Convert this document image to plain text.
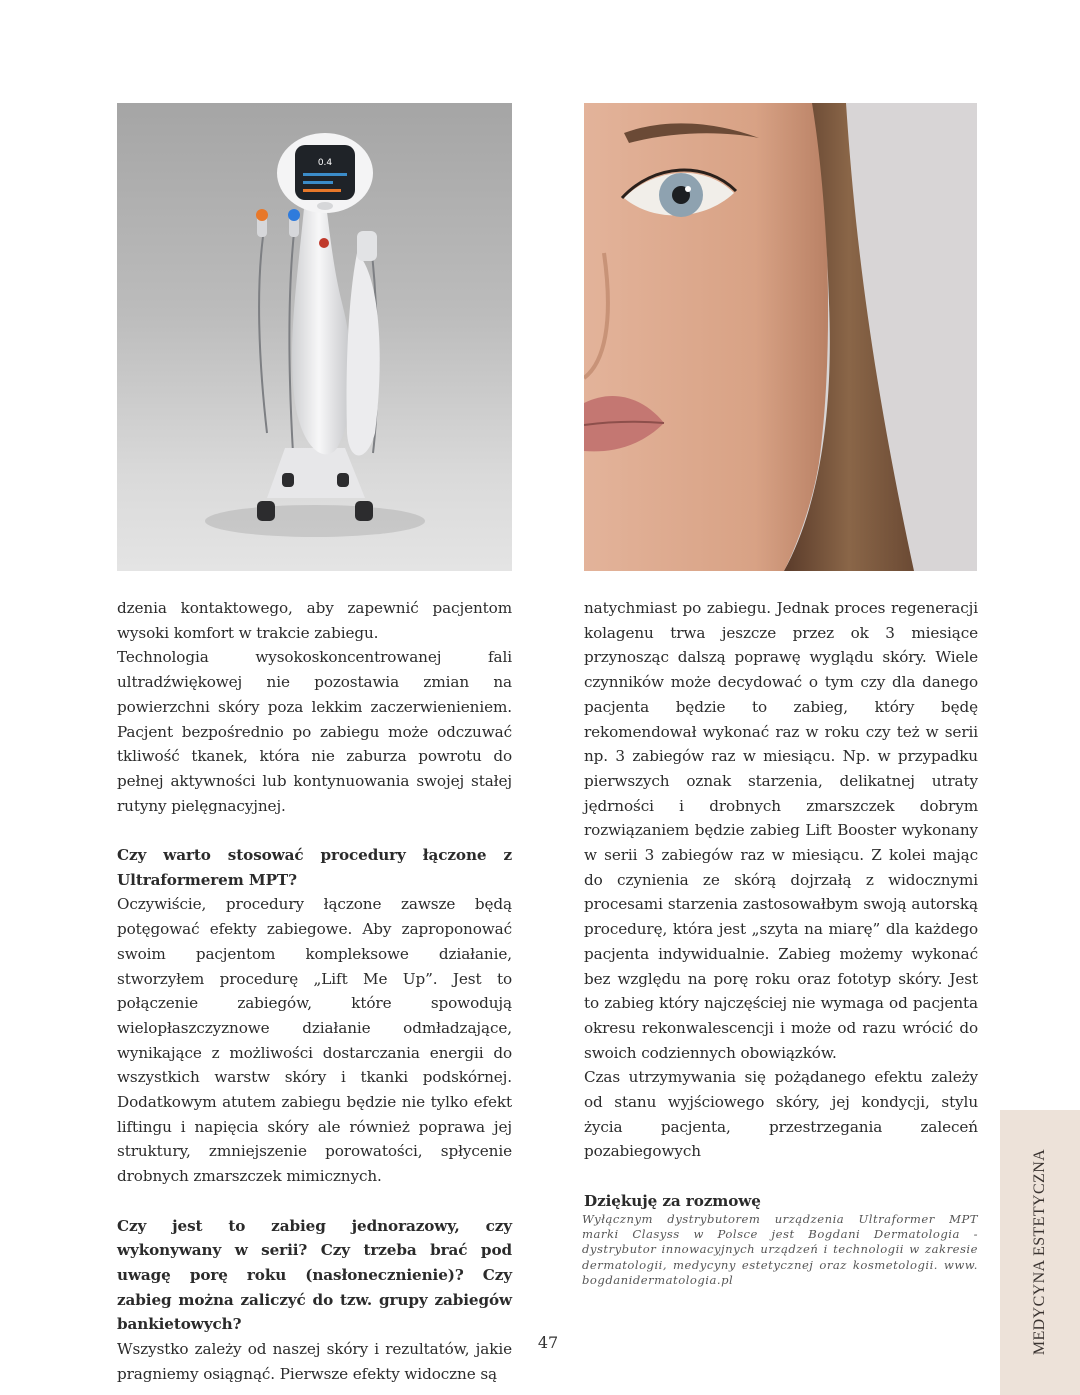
0.4

dzenia kontaktowego, aby zapewnić pacjentom wysoki komfort w trakcie zabiegu.

Technologia wysokoskoncentrowanej fali ultradźwiękowej nie pozostawia zmian na powierzchni skóry poza lekkim zaczerwienieniem. Pacjent bezpośrednio po zabiegu może odczuwać tkliwość tkanek, która nie zaburza powrotu do pełnej aktywności lub kontynuowania swojej stałej rutyny pielęgnacyjnej.

Czy warto stosować procedury łączone z Ultraformerem MPT?

Oczywiście, procedury łączone zawsze będą potęgować efekty zabiegowe. Aby zaproponować swoim pacjentom kompleksowe działanie, stworzyłem procedurę „Lift Me Up”. Jest to połączenie zabiegów, które spowodują wielopłaszczyznowe działanie odmładzające, wynikające z możliwości dostarczania energii do wszystkich warstw skóry i tkanki podskórnej. Dodatkowym atutem zabiegu będzie nie tylko efekt liftingu i napięcia skóry ale również poprawa jej struktury, zmniejszenie porowatości, spłycenie drobnych zmarszczek mimicznych.

Czy jest to zabieg jednorazowy, czy wykonywany w serii? Czy trzeba brać pod uwagę porę roku (nasłonecznienie)? Czy zabieg można zaliczyć do tzw. grupy zabiegów bankietowych?

Wszystko zależy od naszej skóry i rezultatów, jakie pragniemy osiągnąć. Pierwsze efekty widoczne są

natychmiast po zabiegu. Jednak proces regeneracji kolagenu trwa jeszcze przez ok 3 miesiące przynosząc dalszą poprawę wyglądu skóry. Wiele czynników może decydować o tym czy dla danego pacjenta będzie to zabieg, który będę rekomendował wykonać raz w roku czy też w serii np. 3 zabiegów raz w miesiącu. Np. w przypadku pierwszych oznak starzenia, delikatnej utraty jędrności i drobnych zmarszczek dobrym rozwiązaniem będzie zabieg Lift Booster wykonany w serii 3 zabiegów raz w miesiącu. Z kolei mając do czynienia ze skórą dojrzałą z widocznymi procesami starzenia zastosowałbym swoją autorską procedurę, która jest „szyta na miarę” dla każdego pacjenta indywidualnie. Zabieg możemy wykonać bez względu na porę roku oraz fototyp skóry. Jest to zabieg który najczęściej nie wymaga od pacjenta okresu rekonwalescencji i może od razu wrócić do swoich codziennych obowiązków.

Czas utrzymywania się pożądanego efektu zależy od stanu wyjściowego skóry, jej kondycji, stylu życia pacjenta, przestrzegania zaleceń pozabiegowych

Dziękuję za rozmowę

Wyłącznym dystrybutorem urządzenia Ultraformer MPT marki Clasyss w Polsce jest Bogdani Dermatologia - dystrybutor innowacyjnych urządzeń i technologii w zakresie dermatologii, medycyny estetycznej oraz kosmetologii. www. bogdanidermatologia.pl
47	MEDYCYNA ESTETYCZNA
